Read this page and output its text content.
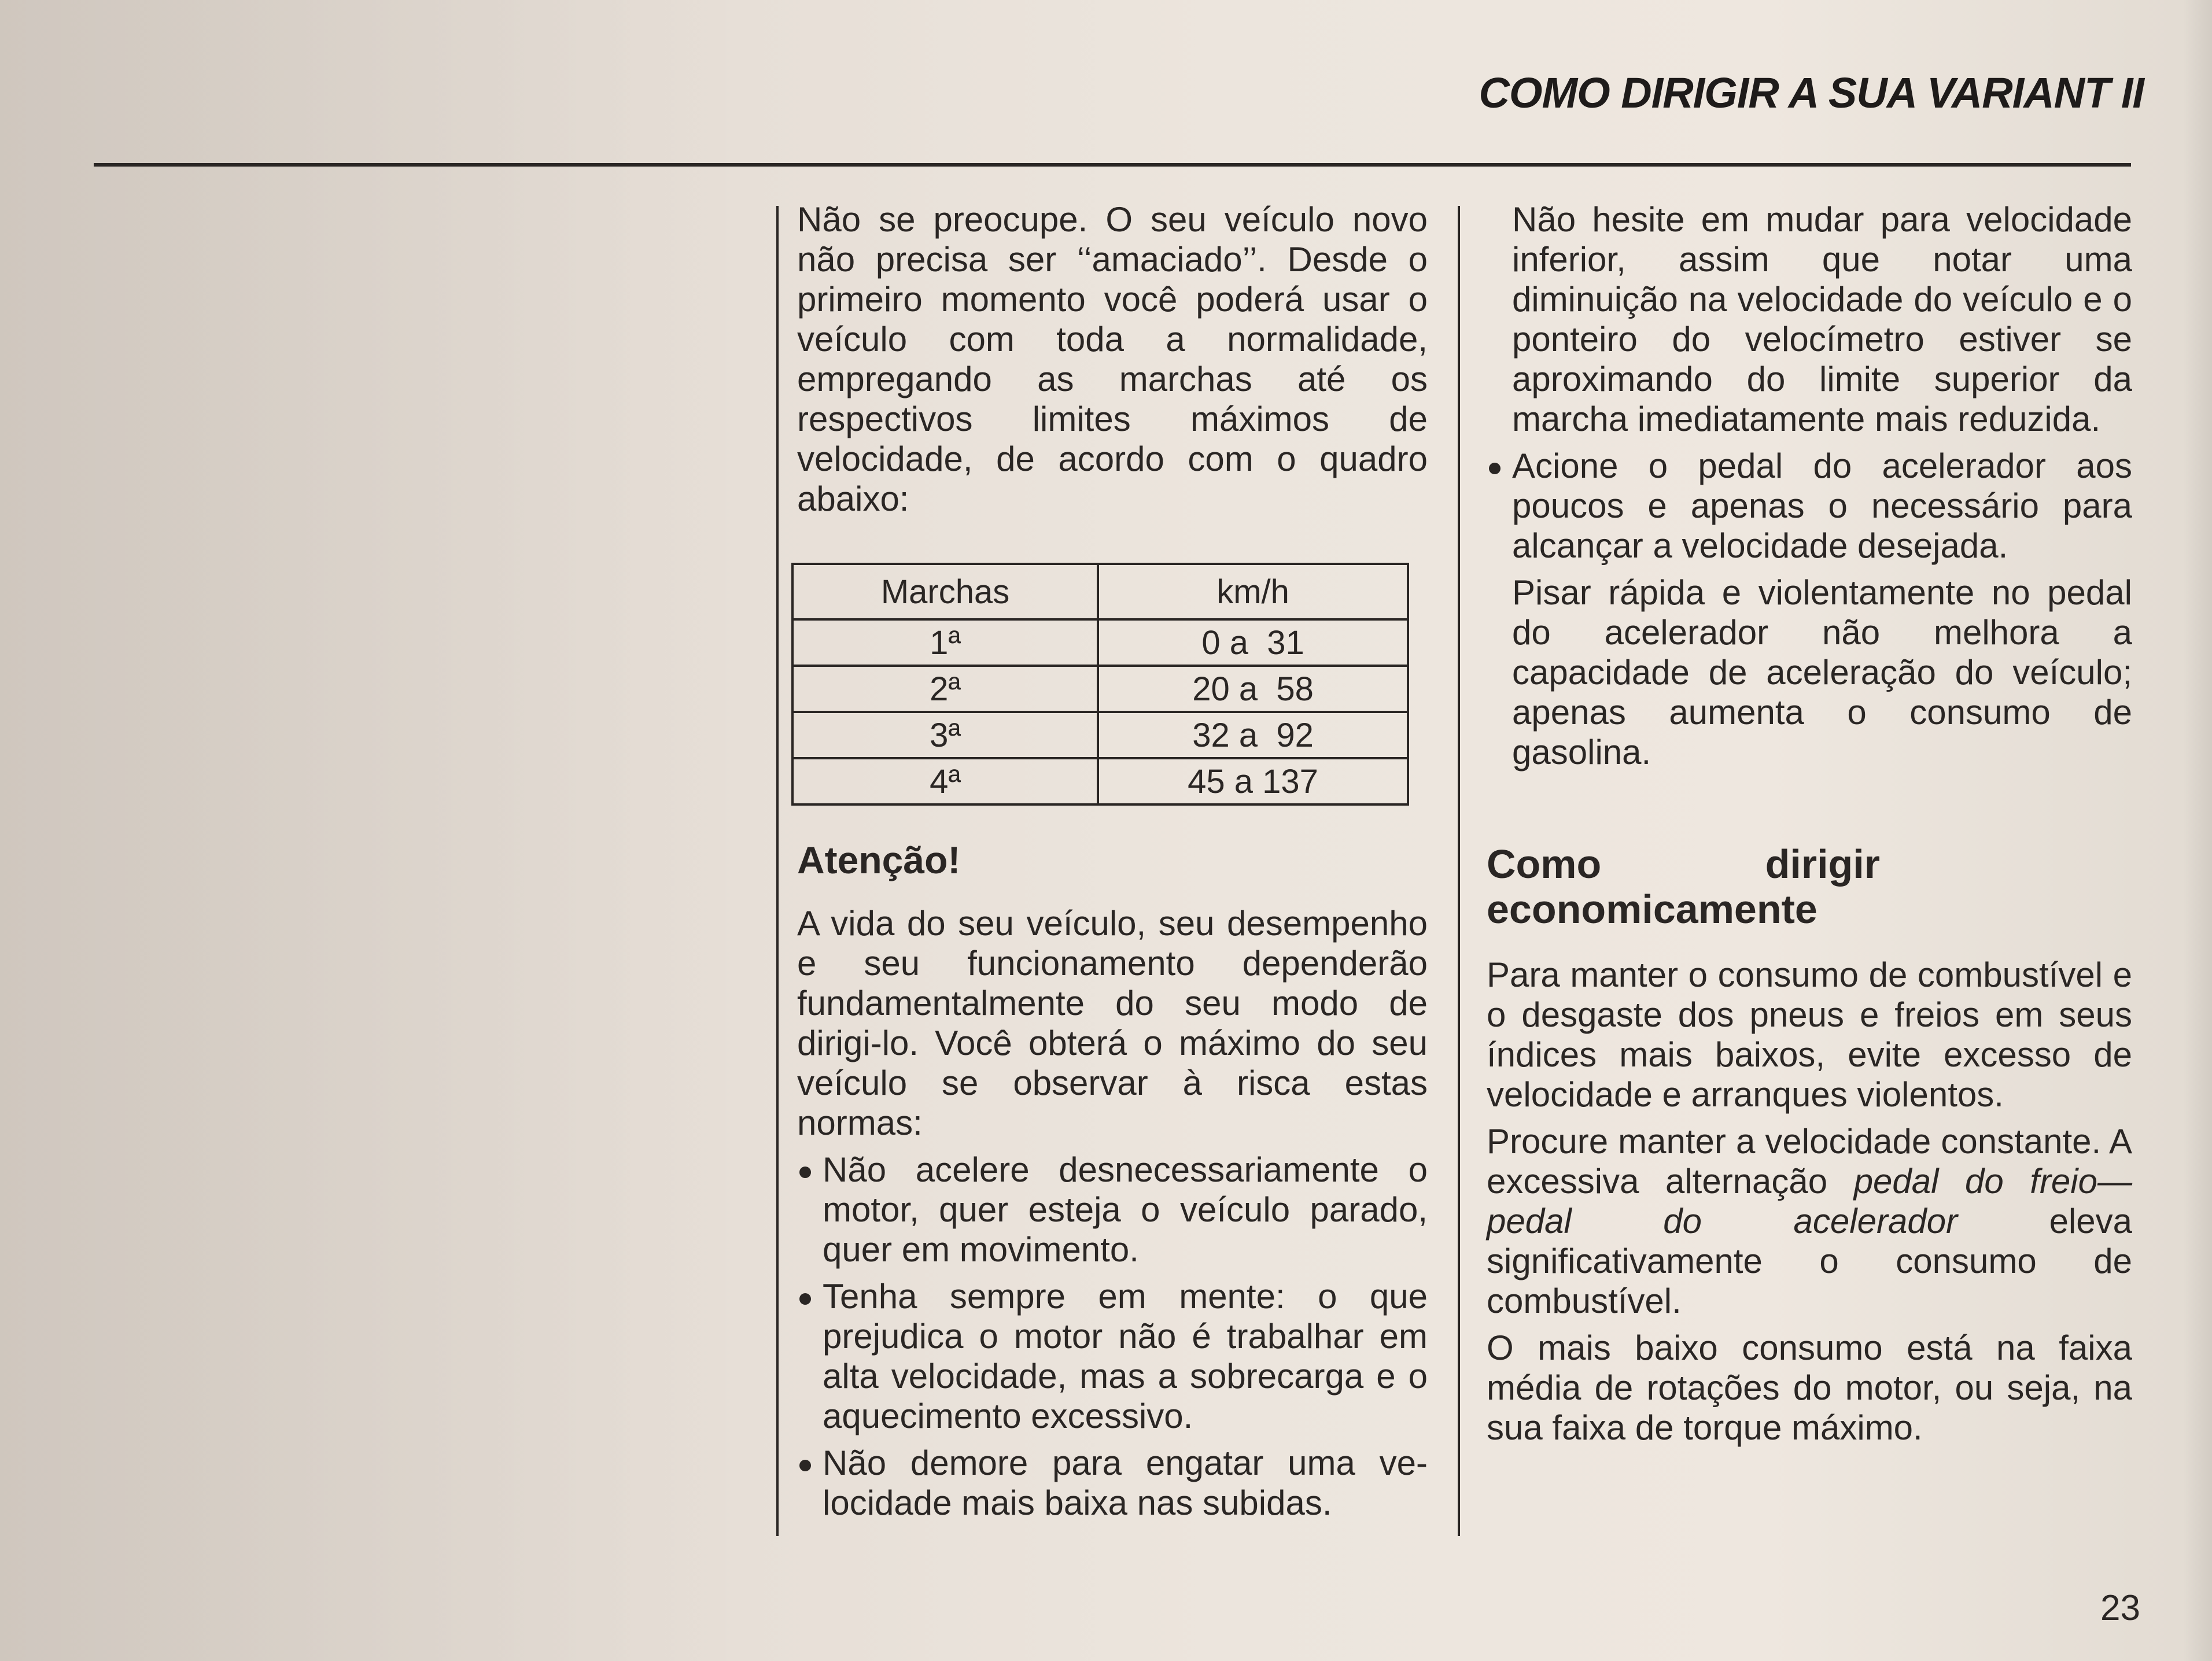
COMO DIRIGIR A SUA VARIANT II

Não se preocupe. O seu veículo novo não precisa ser ‘‘amaciado’’. Desde o primeiro momento você poderá usar o veículo com toda a normalidade, empregando as marchas até os respectivos limites máximos de velocidade, de acordo com o quadro abaixo:

Marchas	km/h
1ª	0 a  31
2ª	20 a  58
3ª	32 a  92
4ª	45 a 137
Atenção!

A vida do seu veículo, seu desempenho e seu funcionamento dependerão fundamentalmente do seu modo de dirigi-lo. Você obterá o máximo do seu veículo se observar à risca estas normas:

Não acelere desnecessariamente o motor, quer esteja o veículo parado, quer em movimento.
Tenha sempre em mente: o que prejudica o motor não é trabalhar em alta velocidade, mas a sobrecarga e o aquecimento excessivo.
Não demore para engatar uma velocidade mais baixa nas subidas.

Não hesite em mudar para velocidade inferior, assim que notar uma diminuição na velocidade do veículo e o ponteiro do velocímetro estiver se aproximando do limite superior da marcha imediatamente mais reduzida.

Acione o pedal do acelerador aos poucos e apenas o necessário para alcançar a velocidade desejada.

Pisar rápida e violentamente no pedal do acelerador não melhora a capacidade de aceleração do veículo; apenas aumenta o consumo de gasolina.

Como dirigir economicamente

Para manter o consumo de combustível e o desgaste dos pneus e freios em seus índices mais baixos, evite excesso de velocidade e arranques violentos.

Procure manter a velocidade constante. A excessiva alternação pedal do freio—pedal do acelerador eleva significativamente o consumo de combustível.

O mais baixo consumo está na faixa média de rotações do motor, ou seja, na sua faixa de torque máximo.

23
